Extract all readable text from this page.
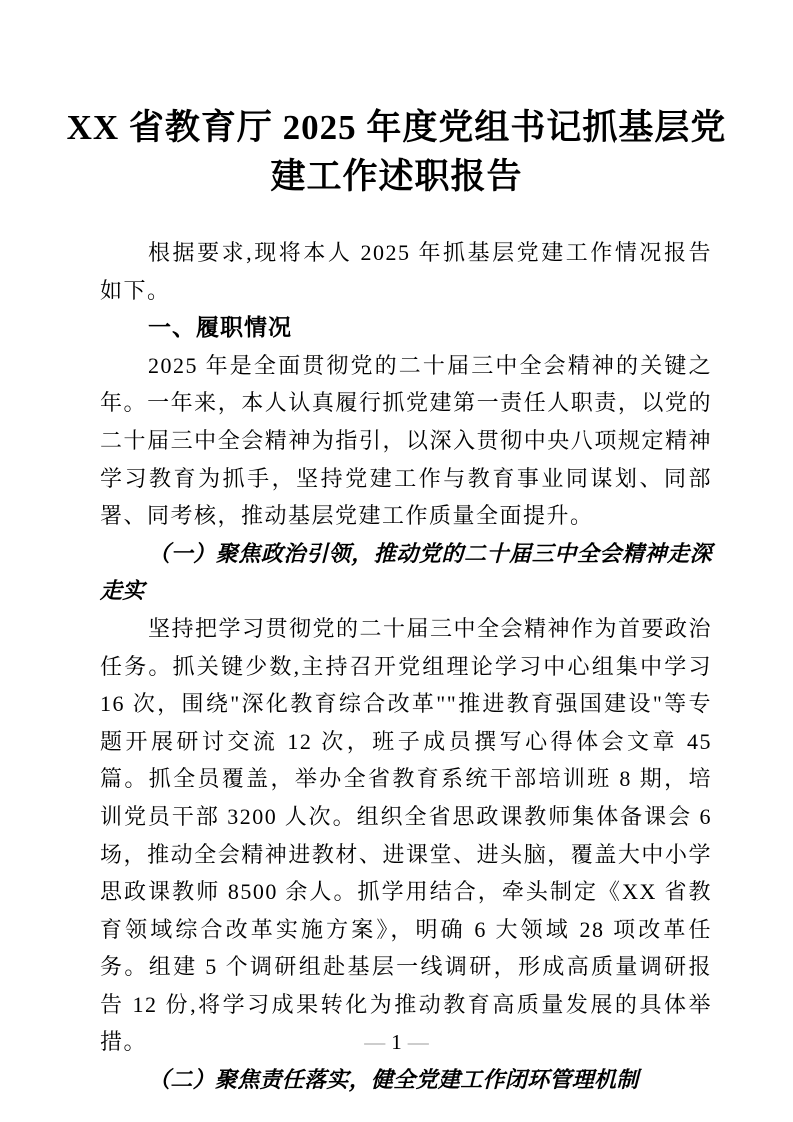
XX 省教育厅 2025 年度党组书记抓基层党
建工作述职报告

根据要求,现将本人 2025 年抓基层党建工作情况报告如下。

一、履职情况

2025 年是全面贯彻党的二十届三中全会精神的关键之年。一年来，本人认真履行抓党建第一责任人职责，以党的二十届三中全会精神为指引，以深入贯彻中央八项规定精神学习教育为抓手，坚持党建工作与教育事业同谋划、同部署、同考核，推动基层党建工作质量全面提升。

（一）聚焦政治引领，推动党的二十届三中全会精神走深走实

坚持把学习贯彻党的二十届三中全会精神作为首要政治任务。抓关键少数,主持召开党组理论学习中心组集中学习 16 次，围绕"深化教育综合改革""推进教育强国建设"等专题开展研讨交流 12 次，班子成员撰写心得体会文章 45 篇。抓全员覆盖，举办全省教育系统干部培训班 8 期，培训党员干部 3200 人次。组织全省思政课教师集体备课会 6 场，推动全会精神进教材、进课堂、进头脑，覆盖大中小学思政课教师 8500 余人。抓学用结合，牵头制定《XX 省教育领域综合改革实施方案》，明确 6 大领域 28 项改革任务。组建 5 个调研组赴基层一线调研，形成高质量调研报告 12 份,将学习成果转化为推动教育高质量发展的具体举措。

（二）聚焦责任落实，健全党建工作闭环管理机制
— 1 —
